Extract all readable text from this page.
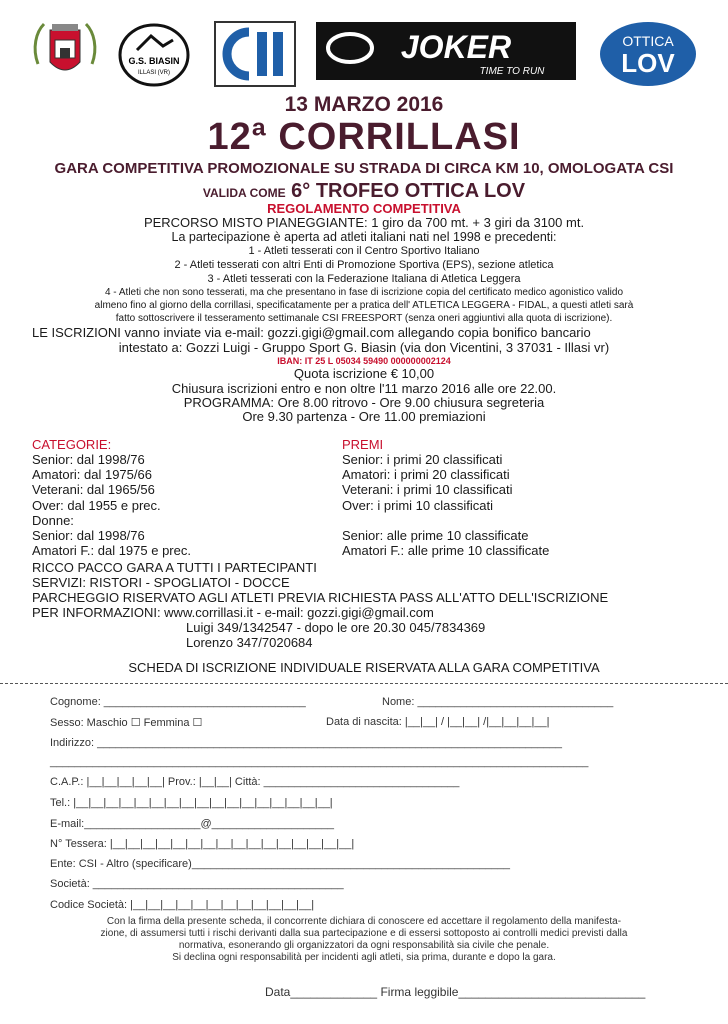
G.S. BIASIN
ILLASI (VR)
JOKER
TIME TO RUN
OTTICA
LOV
13 MARZO 2016
12ª CORRILLASI
GARA COMPETITIVA PROMOZIONALE SU STRADA DI CIRCA KM 10, OMOLOGATA CSI
VALIDA COME 6° TROFEO OTTICA LOV
REGOLAMENTO COMPETITIVA
PERCORSO MISTO PIANEGGIANTE: 1 giro da 700 mt. + 3 giri da 3100 mt.
La partecipazione è aperta ad atleti italiani nati nel 1998 e precedenti:
1 - Atleti tesserati con il Centro Sportivo Italiano
2 - Atleti tesserati con altri Enti di Promozione Sportiva (EPS), sezione atletica
3 - Atleti tesserati con la Federazione Italiana di Atletica Leggera
4 - Atleti che non sono tesserati, ma che presentano in fase di iscrizione copia del certificato medico agonistico valido
almeno fino al giorno della corrillasi, specificatamente per a pratica dell' ATLETICA LEGGERA - FIDAL, a questi atleti sarà
fatto sottoscrivere il tesseramento settimanale CSI FREESPORT (senza oneri aggiuntivi alla quota di iscrizione).
LE ISCRIZIONI vanno inviate via e-mail: gozzi.gigi@gmail.com allegando copia bonifico bancario
intestato a: Gozzi Luigi - Gruppo Sport G. Biasin (via don Vicentini, 3 37031 - Illasi vr)
IBAN: IT 25 L 05034 59490 000000002124
Quota iscrizione € 10,00
Chiusura iscrizioni entro e non oltre l'11 marzo 2016 alle ore 22.00.
PROGRAMMA: Ore 8.00 ritrovo - Ore 9.00 chiusura segreteria
Ore 9.30 partenza - Ore 11.00 premiazioni
CATEGORIE:
Senior: dal 1998/76
Amatori: dal 1975/66
Veterani: dal 1965/56
Over: dal 1955 e prec.
Donne:
Senior: dal 1998/76
Amatori F.: dal 1975 e prec.
PREMI
Senior: i primi 20 classificati
Amatori: i primi 20 classificati
Veterani: i primi 10 classificati
Over: i primi 10 classificati
Senior: alle prime 10 classificate
Amatori F.: alle prime 10 classificate
RICCO PACCO GARA A TUTTI I PARTECIPANTI
SERVIZI: RISTORI - SPOGLIATOI - DOCCE
PARCHEGGIO RISERVATO AGLI ATLETI PREVIA RICHIESTA PASS ALL'ATTO DELL'ISCRIZIONE
PER INFORMAZIONI: www.corrillasi.it - e-mail: gozzi.gigi@gmail.com
Luigi 349/1342547 - dopo le ore 20.30 045/7834369
Lorenzo 347/7020684
SCHEDA DI ISCRIZIONE INDIVIDUALE RISERVATA ALLA GARA COMPETITIVA
Cognome: _________________________________	Nome: ________________________________
Sesso: Maschio ☐ Femmina ☐	Data di nascita: |__|__| / |__|__| /|__|__|__|__|
Indirizzo: ____________________________________________________________________________
________________________________________________________________________________________
C.A.P.: |__|__|__|__|__| Prov.: |__|__| Città: ________________________________
Tel.: |__|__|__|__|__|__|__|__|__|__|__|__|__|__|__|__|__|
E-mail:___________________@____________________
N° Tessera: |__|__|__|__|__|__|__|__|__|__|__|__|__|__|__|__|
Ente: CSI - Altro (specificare)____________________________________________________
Società: _________________________________________
Codice Società: |__|__|__|__|__|__|__|__|__|__|__|__|
Con la firma della presente scheda, il concorrente dichiara di conoscere ed accettare il regolamento della manifesta-
zione, di assumersi tutti i rischi derivanti dalla sua partecipazione e di essersi sottoposto ai controlli medici previsti dalla
normativa, esonerando gli organizzatori da ogni responsabilità sia civile che penale.
Si declina ogni responsabilità per incidenti agli atleti, sia prima, durante e dopo la gara.
Data_____________ Firma leggibile____________________________
